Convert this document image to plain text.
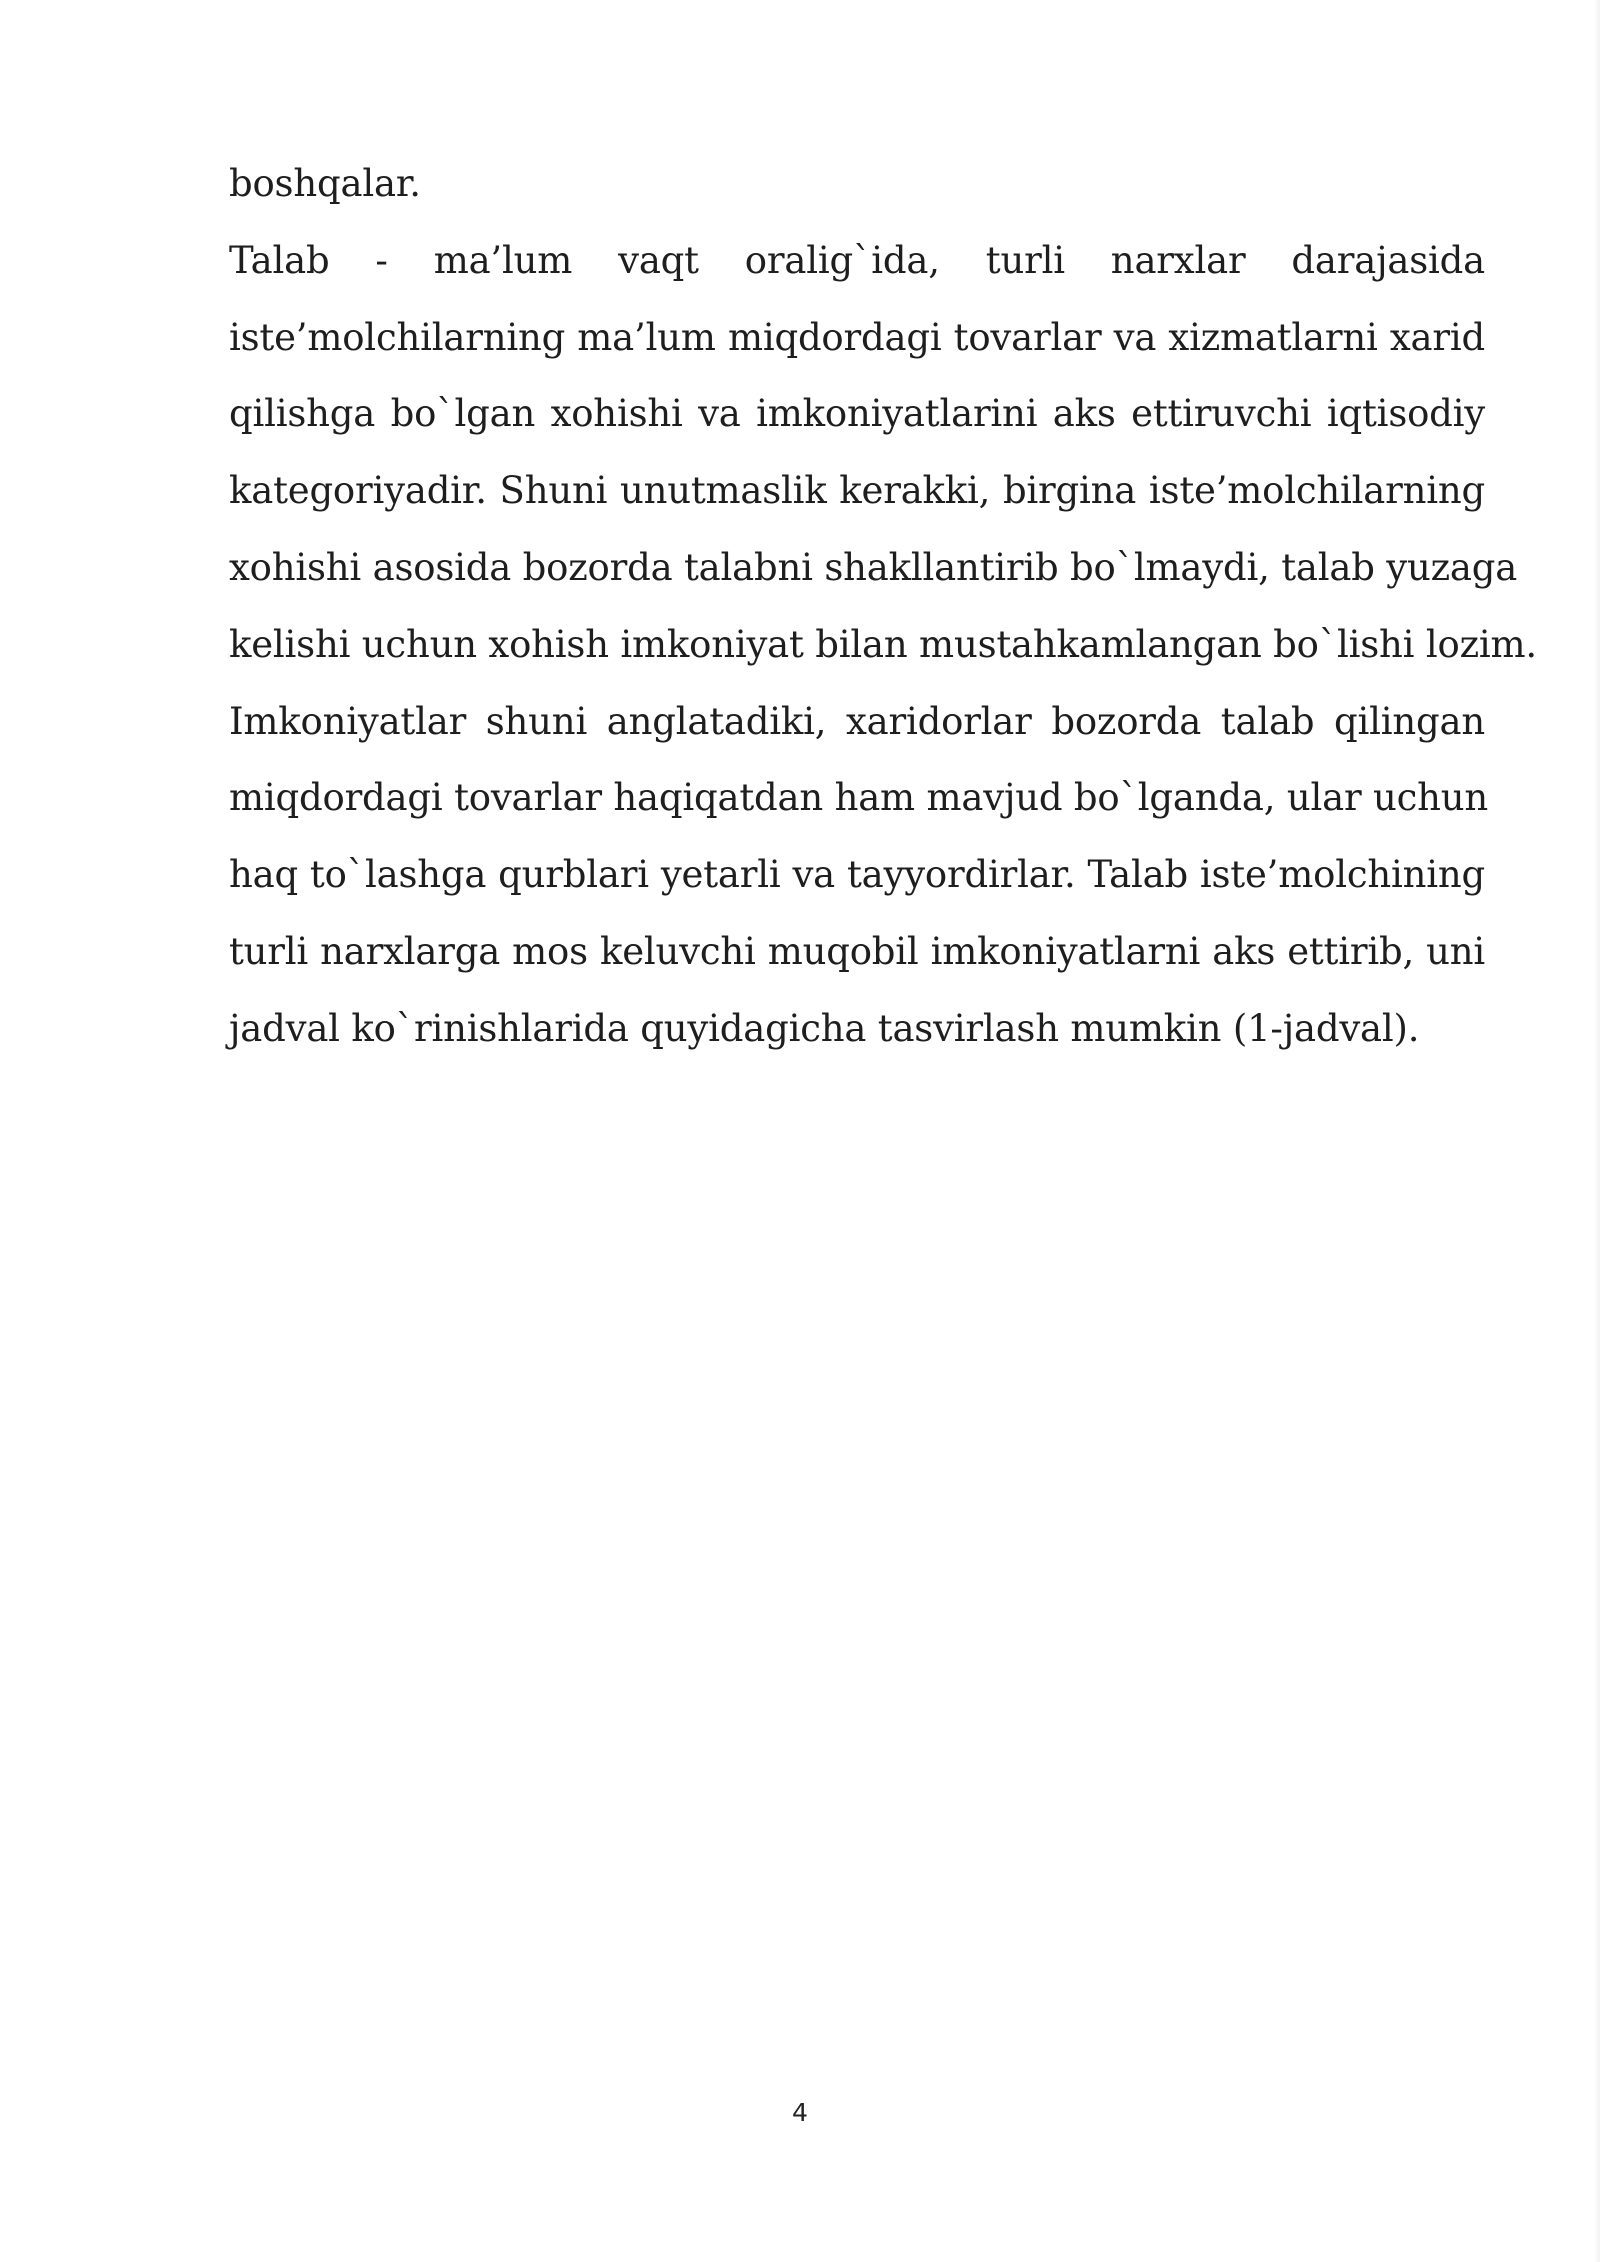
boshqalar.
Talab - ma’lum vaqt oralig`ida, turli narxlar darajasida
iste’molchilarning ma’lum miqdordagi tovarlar va xizmatlarni xarid
qilishga bo`lgan xohishi va imkoniyatlarini aks ettiruvchi iqtisodiy
kategoriyadir. Shuni unutmaslik kerakki, birgina iste’molchilarning
xohishi asosida bozorda talabni shakllantirib bo`lmaydi, talab yuzaga
kelishi uchun xohish imkoniyat bilan mustahkamlangan bo`lishi lozim.
Imkoniyatlar shuni anglatadiki, xaridorlar bozorda talab qilingan
miqdordagi tovarlar haqiqatdan ham mavjud bo`lganda, ular uchun
haq to`lashga qurblari yetarli va tayyordirlar. Talab iste’molchining
turli narxlarga mos keluvchi muqobil imkoniyatlarni aks ettirib, uni
jadval ko`rinishlarida quyidagicha tasvirlash mumkin (1-jadval).
4
